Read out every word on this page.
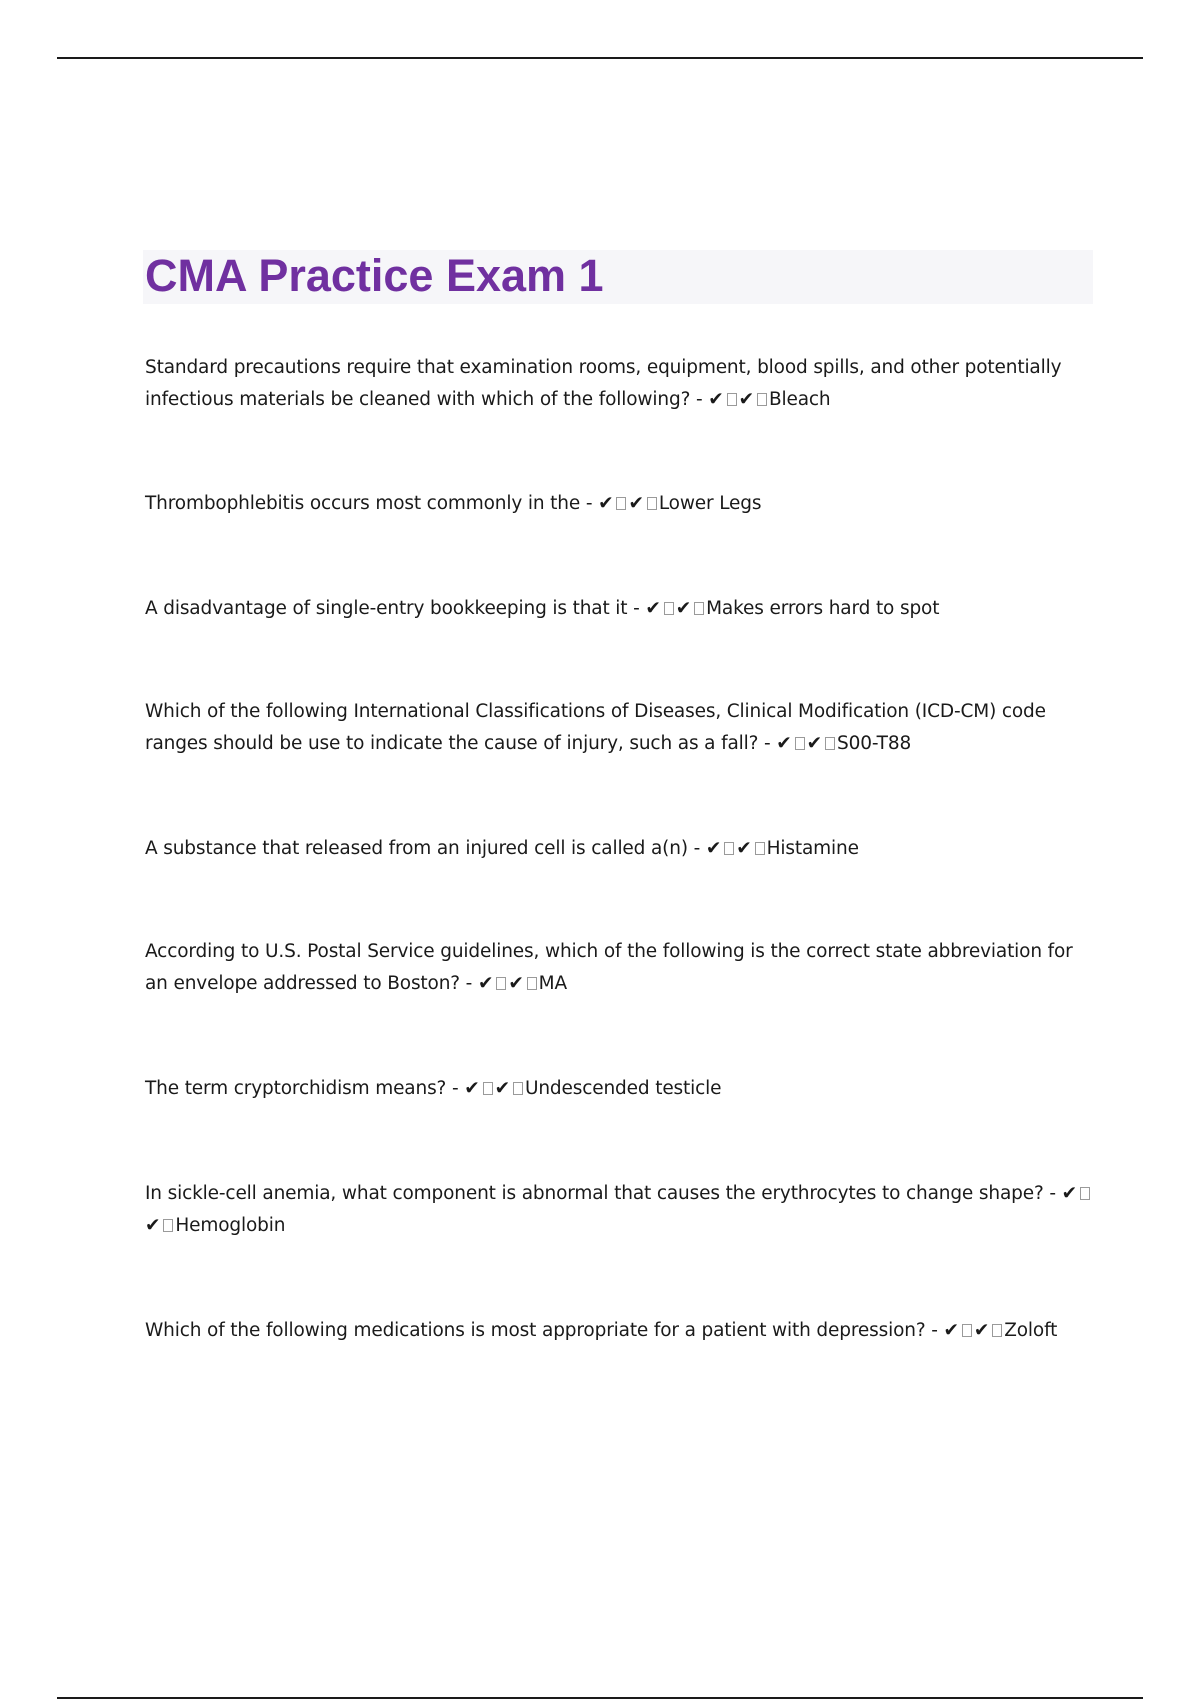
CMA Practice Exam 1

Standard precautions require that examination rooms, equipment, blood spills, and other potentially infectious materials be cleaned with which of the following? - ✔ ✔ Bleach

Thrombophlebitis occurs most commonly in the - ✔ ✔ Lower Legs

A disadvantage of single-entry bookkeeping is that it - ✔ ✔ Makes errors hard to spot

Which of the following International Classifications of Diseases, Clinical Modification (ICD-CM) code ranges should be use to indicate the cause of injury, such as a fall? - ✔ ✔ S00-T88

A substance that released from an injured cell is called a(n) - ✔ ✔ Histamine

According to U.S. Postal Service guidelines, which of the following is the correct state abbreviation for an envelope addressed to Boston? - ✔ ✔ MA

The term cryptorchidism means? - ✔ ✔ Undescended testicle

In sickle-cell anemia, what component is abnormal that causes the erythrocytes to change shape? - ✔✔ Hemoglobin

Which of the following medications is most appropriate for a patient with depression? - ✔ ✔ Zoloft
